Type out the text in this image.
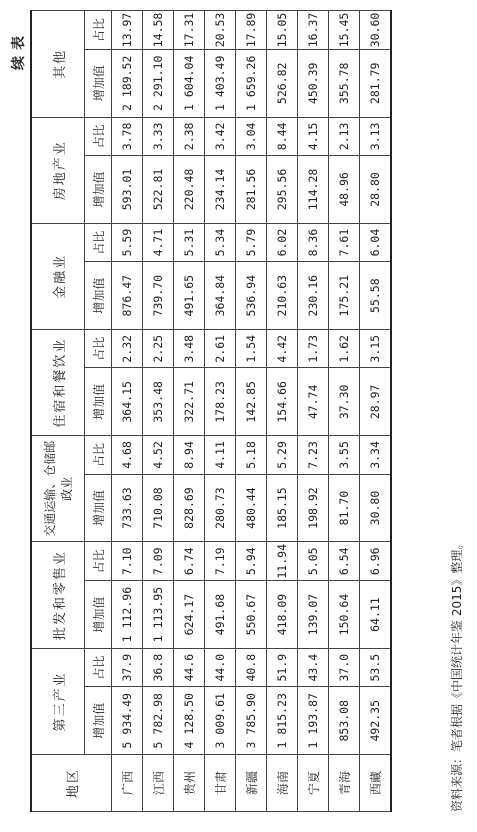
续表
地区	第三产业		批发和零售业		交通运输、仓储邮政业		住宿和餐饮业		金融业		房地产业		其他	
	增加值	占比	增加值	占比	增加值	占比	增加值	占比	增加值	占比	增加值	占比	增加值	占比
广西	5 934.49	37.9	1 112.96	7.10	733.63	4.68	364.15	2.32	876.47	5.59	593.01	3.78	2 189.52	13.97
江西	5 782.98	36.8	1 113.95	7.09	710.08	4.52	353.48	2.25	739.70	4.71	522.81	3.33	2 291.10	14.58
贵州	4 128.50	44.6	624.17	6.74	828.69	8.94	322.71	3.48	491.65	5.31	220.48	2.38	1 604.04	17.31
甘肃	3 009.61	44.0	491.68	7.19	280.73	4.11	178.23	2.61	364.84	5.34	234.14	3.42	1 403.49	20.53
新疆	3 785.90	40.8	550.67	5.94	480.44	5.18	142.85	1.54	536.94	5.79	281.56	3.04	1 659.26	17.89
海南	1 815.23	51.9	418.09	11.94	185.15	5.29	154.66	4.42	210.63	6.02	295.56	8.44	526.82	15.05
宁夏	1 193.87	43.4	139.07	5.05	198.92	7.23	47.74	1.73	230.16	8.36	114.28	4.15	450.39	16.37
青海	853.08	37.0	150.64	6.54	81.70	3.55	37.30	1.62	175.21	7.61	48.96	2.13	355.78	15.45
西藏	492.35	53.5	64.11	6.96	30.80	3.34	28.97	3.15	55.58	6.04	28.80	3.13	281.79	30.60
资料来源：笔者根据《中国统计年鉴 2015》整理。
